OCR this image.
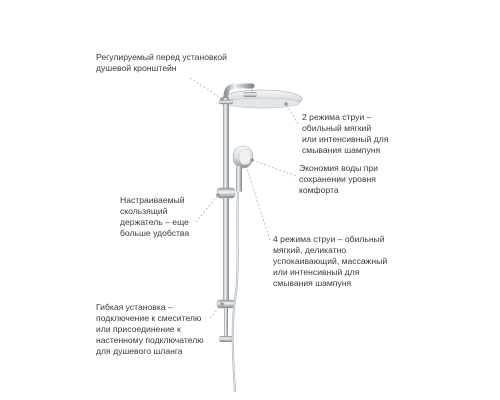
Регулируемый перед установкой
душевой кронштейн
2 режима струи –
обильный мягкий
или интенсивный для
смывания шампуня
Экономия воды при
сохранении уровня
комфорта
Настраиваемый
скользящий
держатель – еще
больше удобства
4 режима струи – обильный
мягкий, деликатно
успокаивающий, массажный
или интенсивный для
смывания шампуня
Гибкая установка –
подключение к смесителю
или присоединение к
настенному подключателю
для душевого шланга
